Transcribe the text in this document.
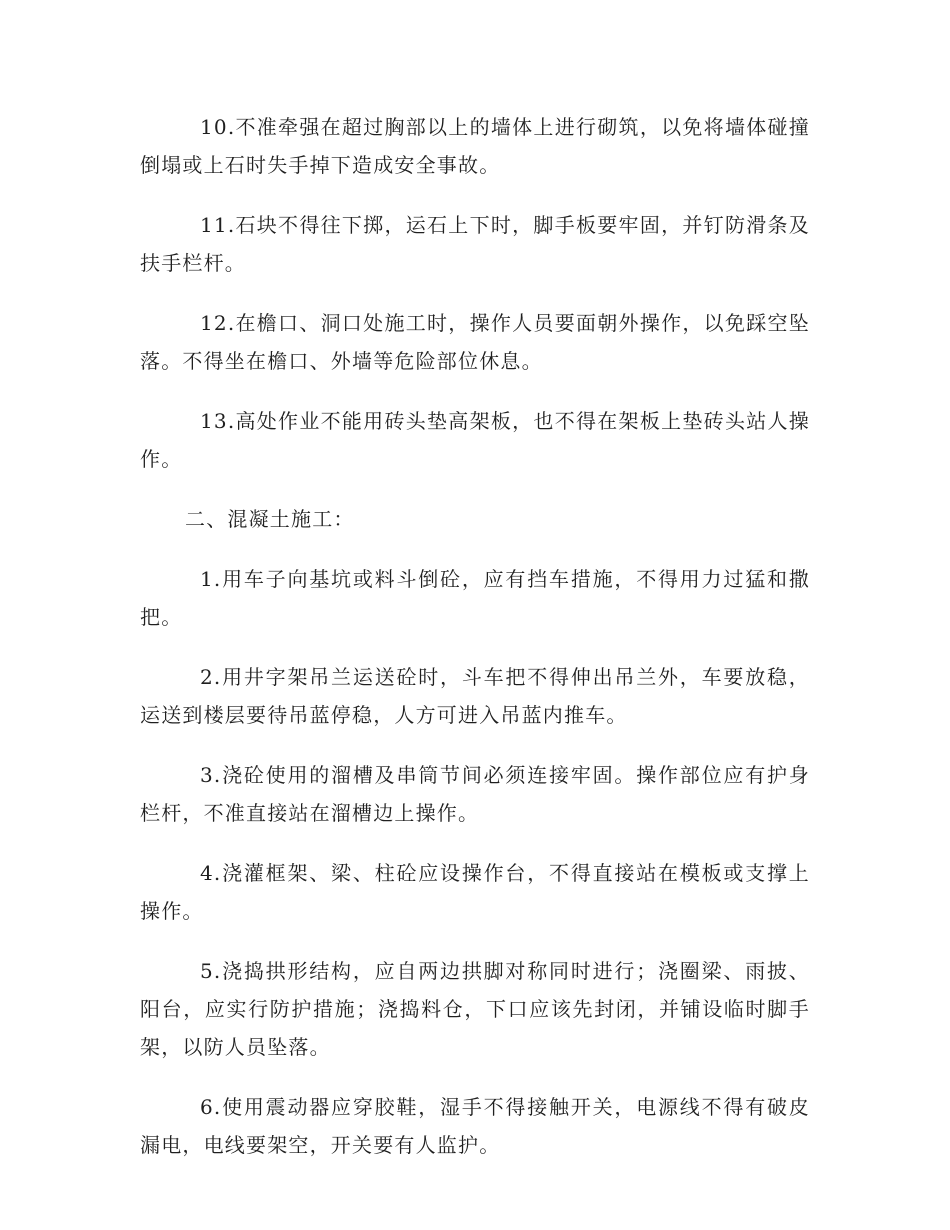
10.不准牵强在超过胸部以上的墙体上进行砌筑，以免将墙体碰撞倒塌或上石时失手掉下造成安全事故。

11.石块不得往下掷，运石上下时，脚手板要牢固，并钉防滑条及扶手栏杆。

12.在檐口、洞口处施工时，操作人员要面朝外操作，以免踩空坠落。不得坐在檐口、外墙等危险部位休息。

13.高处作业不能用砖头垫高架板，也不得在架板上垫砖头站人操作。

二、混凝土施工：

1.用车子向基坑或料斗倒砼，应有挡车措施，不得用力过猛和撒把。

2.用井字架吊兰运送砼时，斗车把不得伸出吊兰外，车要放稳，运送到楼层要待吊蓝停稳，人方可进入吊蓝内推车。

3.浇砼使用的溜槽及串筒节间必须连接牢固。操作部位应有护身栏杆，不准直接站在溜槽边上操作。

4.浇灌框架、梁、柱砼应设操作台，不得直接站在模板或支撑上操作。

5.浇捣拱形结构，应自两边拱脚对称同时进行；浇圈梁、雨披、阳台，应实行防护措施；浇捣料仓，下口应该先封闭，并铺设临时脚手架，以防人员坠落。

6.使用震动器应穿胶鞋，湿手不得接触开关，电源线不得有破皮漏电，电线要架空，开关要有人监护。
